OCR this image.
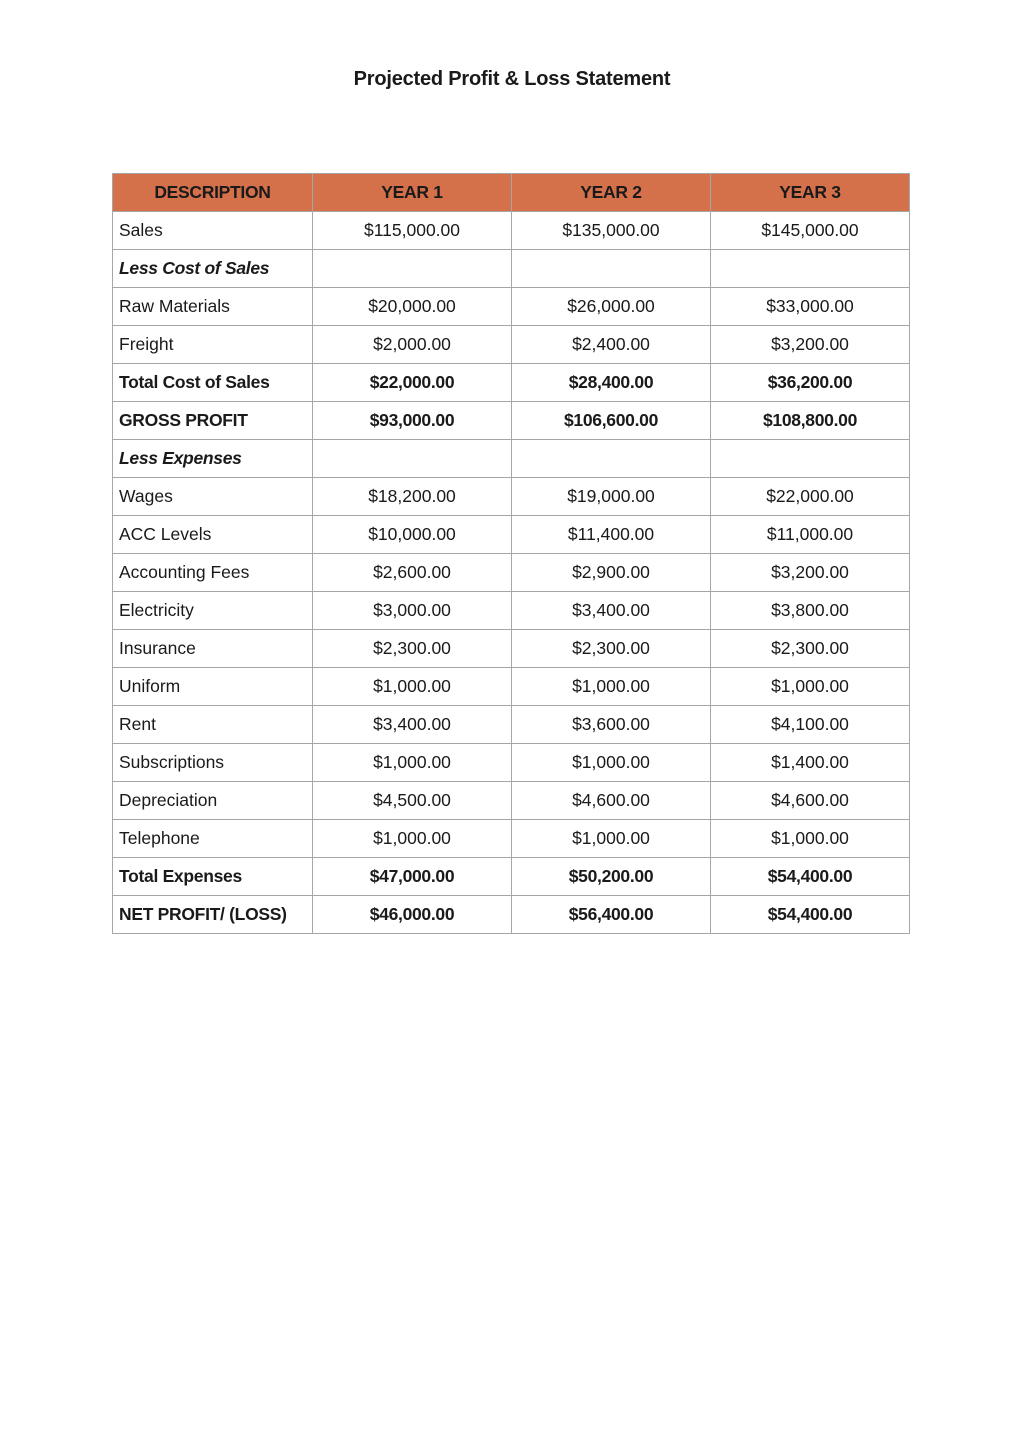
Projected Profit & Loss Statement
DESCRIPTION	YEAR 1	YEAR 2	YEAR 3
Sales	$115,000.00	$135,000.00	$145,000.00
Less Cost of Sales			
Raw Materials	$20,000.00	$26,000.00	$33,000.00
Freight	$2,000.00	$2,400.00	$3,200.00
Total Cost of Sales	$22,000.00	$28,400.00	$36,200.00
GROSS PROFIT	$93,000.00	$106,600.00	$108,800.00
Less Expenses			
Wages	$18,200.00	$19,000.00	$22,000.00
ACC Levels	$10,000.00	$11,400.00	$11,000.00
Accounting Fees	$2,600.00	$2,900.00	$3,200.00
Electricity	$3,000.00	$3,400.00	$3,800.00
Insurance	$2,300.00	$2,300.00	$2,300.00
Uniform	$1,000.00	$1,000.00	$1,000.00
Rent	$3,400.00	$3,600.00	$4,100.00
Subscriptions	$1,000.00	$1,000.00	$1,400.00
Depreciation	$4,500.00	$4,600.00	$4,600.00
Telephone	$1,000.00	$1,000.00	$1,000.00
Total Expenses	$47,000.00	$50,200.00	$54,400.00
NET PROFIT/ (LOSS)	$46,000.00	$56,400.00	$54,400.00
